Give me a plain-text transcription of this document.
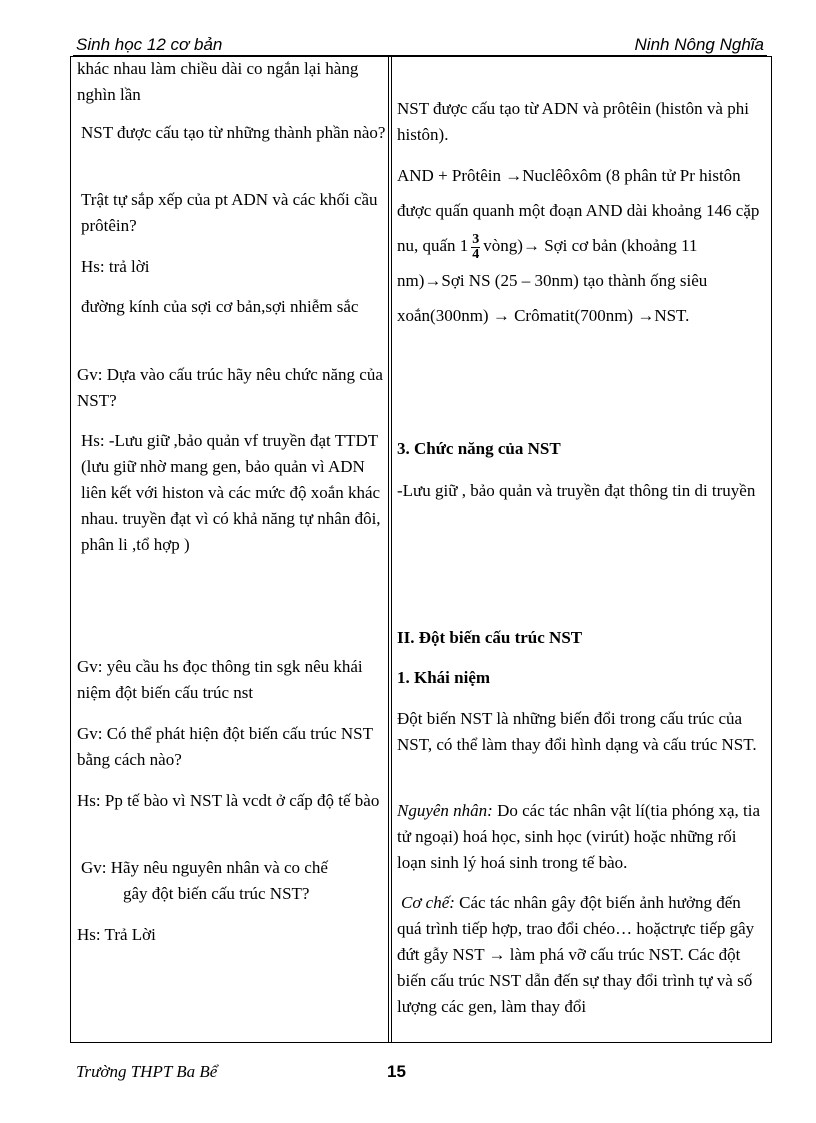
Sinh học 12 cơ bản	Ninh Nông Nghĩa

khác nhau làm chiều dài co ngắn lại hàng nghìn lần

NST được cấu tạo từ những thành phần nào?

Trật tự sắp xếp của pt ADN và các khối cầu prôtêin?

Hs: trả lời

đường kính của sợi cơ bản,sợi nhiễm sắc

Gv: Dựa vào cấu trúc hãy nêu chức năng của NST?

Hs: -Lưu giữ ,bảo quản vf truyền đạt TTDT (lưu giữ nhờ mang gen, bảo quản vì ADN liên kết với histon và các mức độ xoắn khác nhau. truyền đạt vì có khả năng tự nhân đôi, phân li ,tổ hợp )

Gv: yêu cầu hs đọc thông tin sgk nêu khái niệm đột biến cấu trúc nst

Gv: Có thể phát hiện đột biến cấu trúc NST bằng cách nào?

Hs: Pp tế bào vì NST là vcdt ở cấp độ tế bào

Gv: Hãy nêu nguyên nhân và co chế

gây đột biến cấu trúc NST?

Hs: Trả Lời

NST được cấu tạo từ ADN và prôtêin (histôn và phi histôn).

AND + Prôtêin →Nuclêôxôm (8 phân tử Pr histôn được quấn quanh một đoạn AND dài khoảng 146 cặp nu, quấn $1 \frac{3}{4}$ vòng)→ Sợi cơ bản (khoảng 11 nm)→Sợi NS (25 – 30nm) tạo thành ống siêu xoắn(300nm) → Crômatit(700nm) →NST.

3. Chức năng của NST

-Lưu giữ , bảo quản và truyền đạt thông tin di truyền

II. Đột biến cấu trúc NST

1. Khái niệm

Đột biến NST là những biến đổi trong cấu trúc của NST, có thể làm thay đổi hình dạng và cấu trúc NST.

Nguyên nhân: Do các tác nhân vật lí(tia phóng xạ, tia tử ngoại) hoá học, sinh học (virút) hoặc những rối loạn sinh lý hoá sinh trong tế bào.

Cơ chế: Các tác nhân gây đột biến ảnh hưởng đến quá trình tiếp hợp, trao đổi chéo… hoặctrực tiếp gây đứt gẫy NST → làm phá vỡ cấu trúc NST. Các đột biến cấu trúc NST dẫn đến sự thay đổi trình tự và số lượng các gen, làm thay đổi

Trường THPT Ba Bể	15
